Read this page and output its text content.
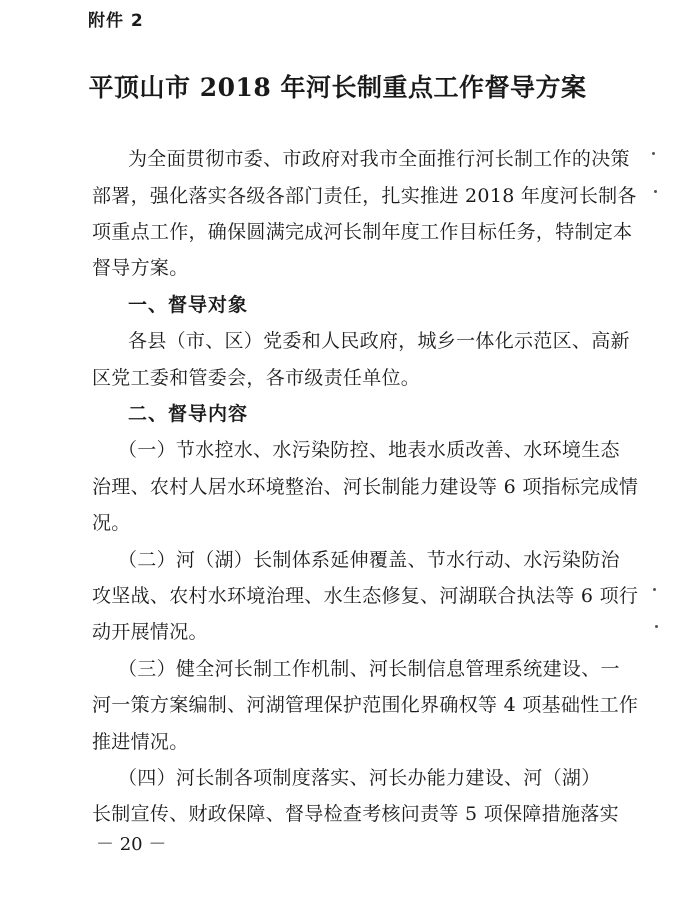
附件 2
平顶山市 2018 年河长制重点工作督导方案
为全面贯彻市委、市政府对我市全面推行河长制工作的决策
部署，强化落实各级各部门责任，扎实推进 2018 年度河长制各
项重点工作，确保圆满完成河长制年度工作目标任务，特制定本
督导方案。
一、督导对象
各县（市、区）党委和人民政府，城乡一体化示范区、高新
区党工委和管委会，各市级责任单位。
二、督导内容
（一）节水控水、水污染防控、地表水质改善、水环境生态
治理、农村人居水环境整治、河长制能力建设等 6 项指标完成情
况。
（二）河（湖）长制体系延伸覆盖、节水行动、水污染防治
攻坚战、农村水环境治理、水生态修复、河湖联合执法等 6 项行
动开展情况。
（三）健全河长制工作机制、河长制信息管理系统建设、一
河一策方案编制、河湖管理保护范围化界确权等 4 项基础性工作
推进情况。
（四）河长制各项制度落实、河长办能力建设、河（湖）
长制宣传、财政保障、督导检查考核问责等 5 项保障措施落实
－ 20 －
